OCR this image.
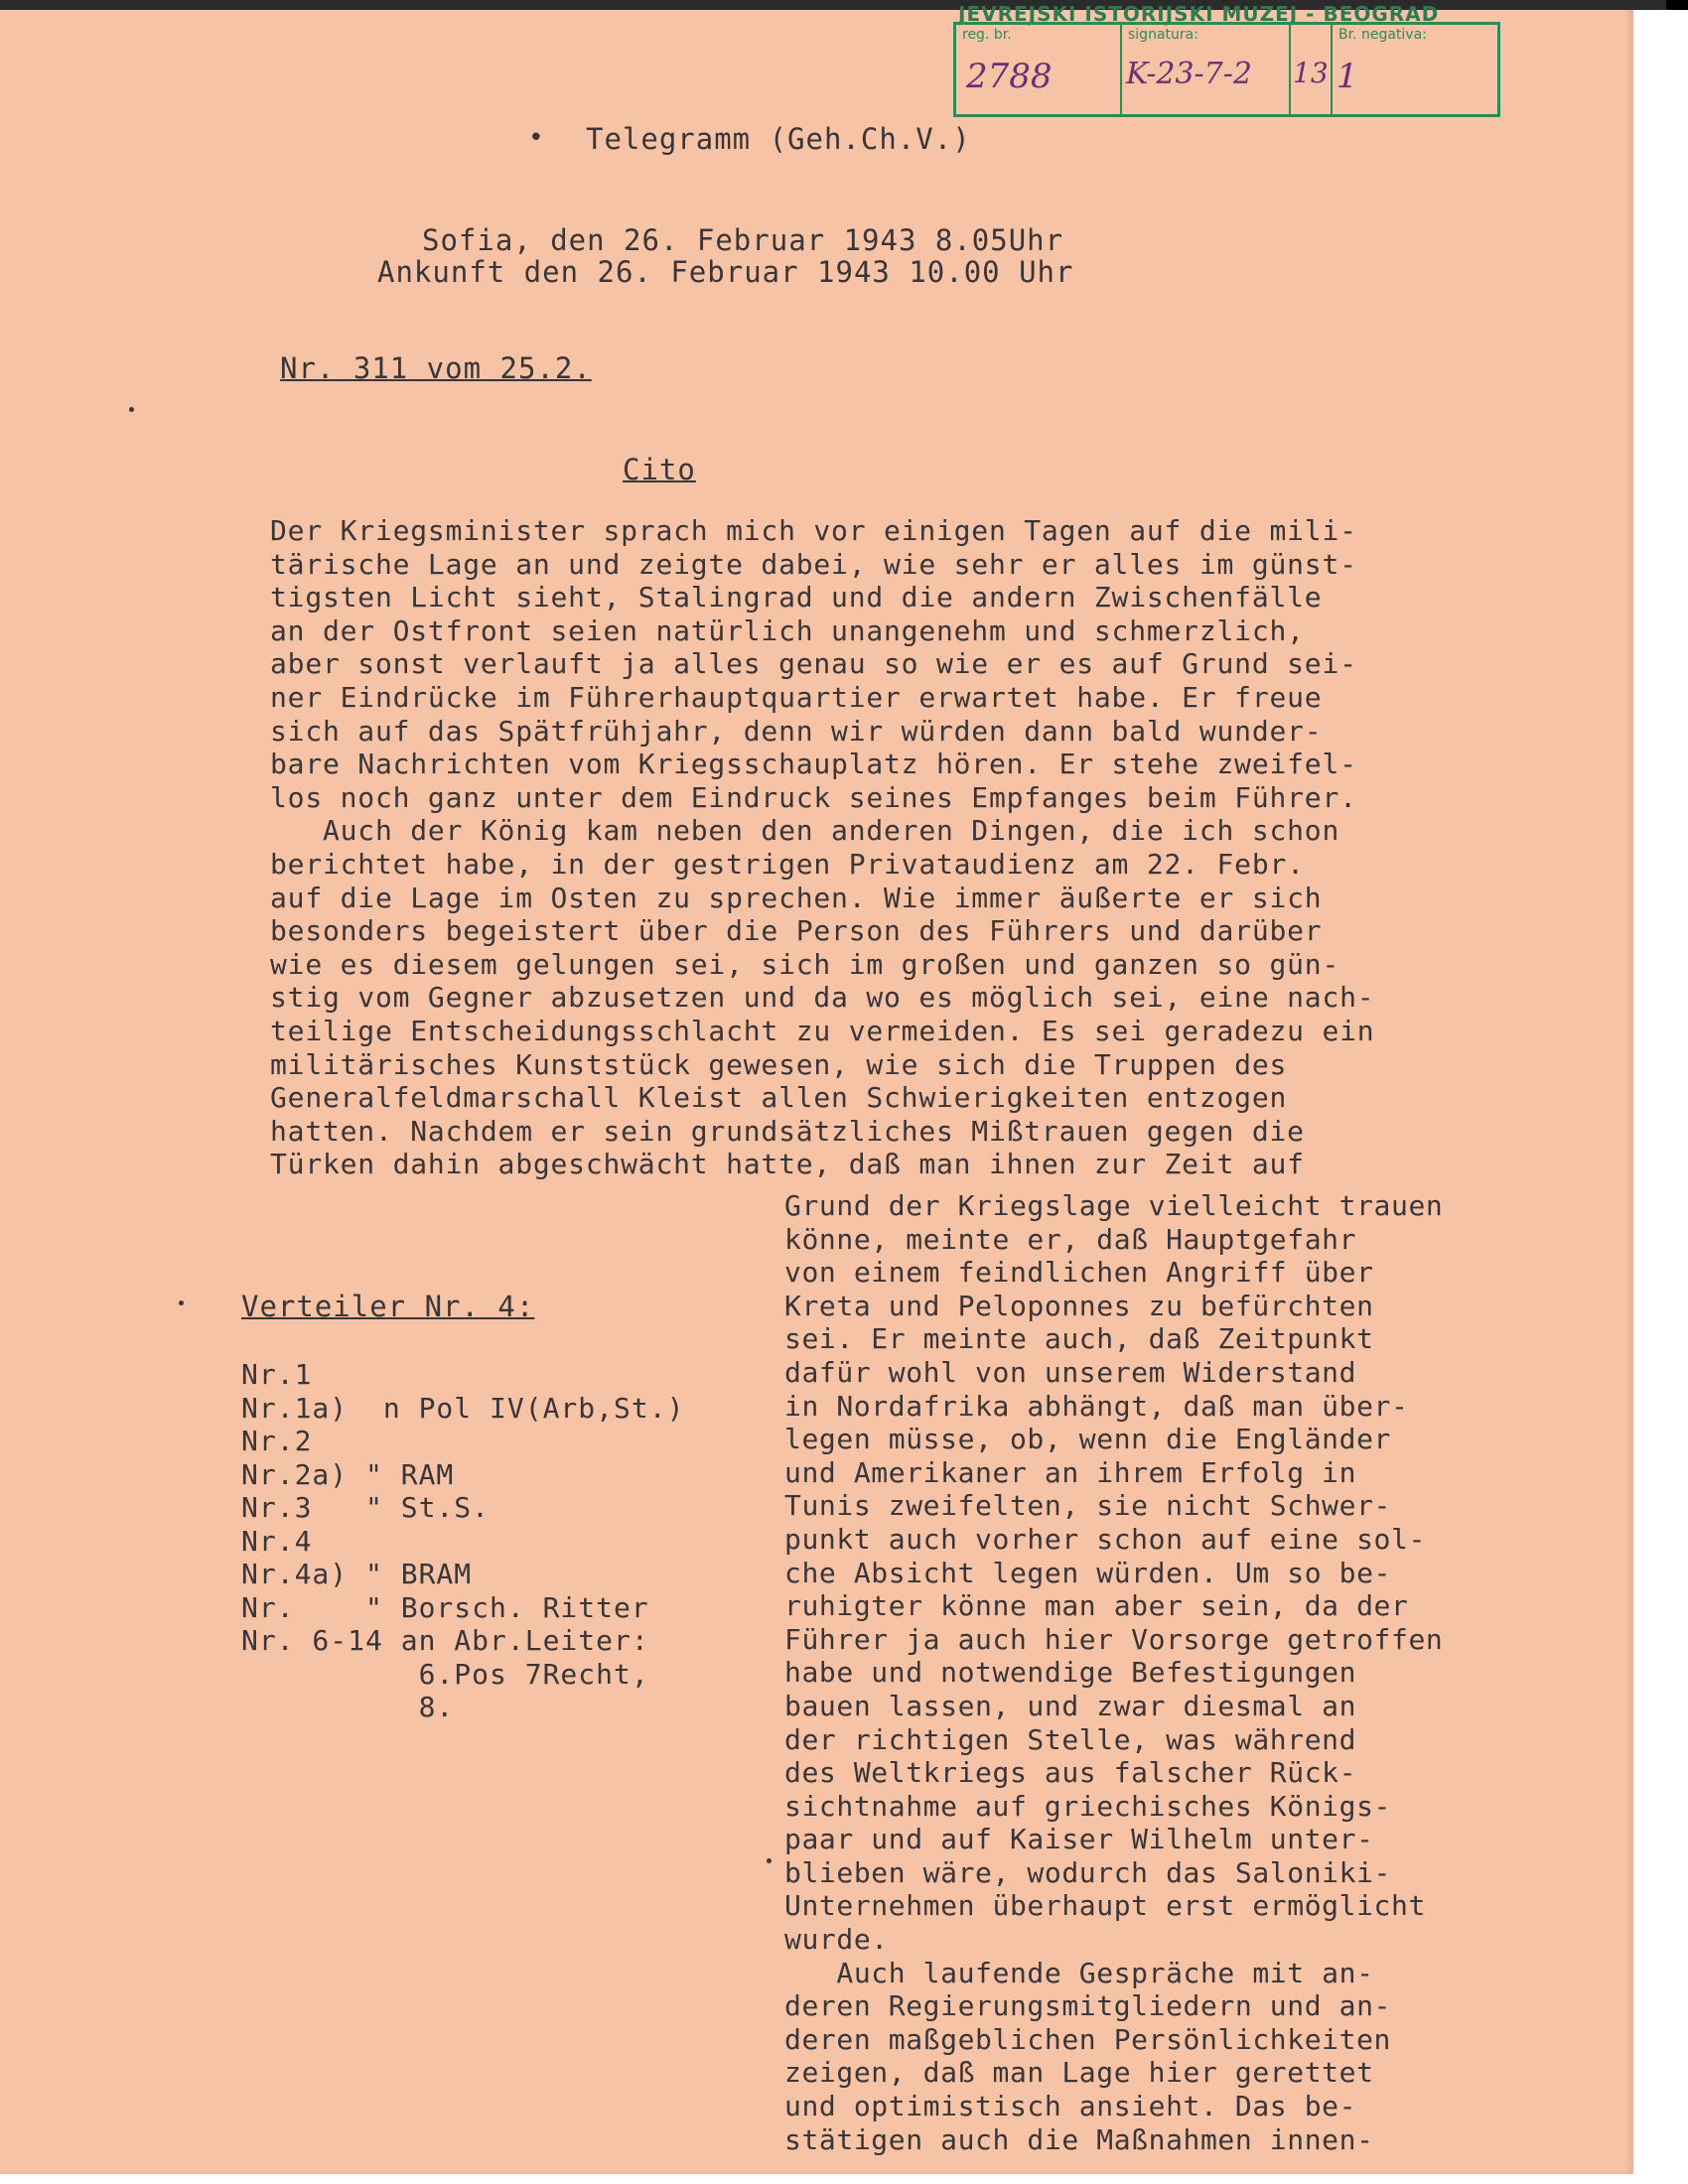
JEVREJSKI ISTORIJSKI MUZEJ - BEOGRAD
reg. br.
2788
signatura:
K-23-7-2 13
Br. negativa:
1
• Telegramm (Geh.Ch.V.)
Sofia, den 26. Februar 1943 8.05Uhr
Ankunft den 26. Februar 1943 10.00 Uhr
Nr. 311 vom 25.2.
Cito
Der Kriegsminister sprach mich vor einigen Tagen auf die mili-
tärische Lage an und zeigte dabei, wie sehr er alles im günst-
tigsten Licht sieht, Stalingrad und die andern Zwischenfälle
an der Ostfront seien natürlich unangenehm und schmerzlich,
aber sonst verlauft ja alles genau so wie er es auf Grund sei-
ner Eindrücke im Führerhauptquartier erwartet habe. Er freue
sich auf das Spätfrühjahr, denn wir würden dann bald wunder-
bare Nachrichten vom Kriegsschauplatz hören. Er stehe zweifel-
los noch ganz unter dem Eindruck seines Empfanges beim Führer.
Auch der König kam neben den anderen Dingen, die ich schon
berichtet habe, in der gestrigen Privataudienz am 22. Febr.
auf die Lage im Osten zu sprechen. Wie immer äußerte er sich
besonders begeistert über die Person des Führers und darüber
wie es diesem gelungen sei, sich im großen und ganzen so gün-
stig vom Gegner abzusetzen und da wo es möglich sei, eine nach-
teilige Entscheidungsschlacht zu vermeiden. Es sei geradezu ein
militärisches Kunststück gewesen, wie sich die Truppen des
Generalfeldmarschall Kleist allen Schwierigkeiten entzogen
hatten. Nachdem er sein grundsätzliches Mißtrauen gegen die
Türken dahin abgeschwächt hatte, daß man ihnen zur Zeit auf
Grund der Kriegslage vielleicht trauen
könne, meinte er, daß Hauptgefahr
von einem feindlichen Angriff über
Kreta und Peloponnes zu befürchten
sei. Er meinte auch, daß Zeitpunkt
dafür wohl von unserem Widerstand
in Nordafrika abhängt, daß man über-
legen müsse, ob, wenn die Engländer
und Amerikaner an ihrem Erfolg in
Tunis zweifelten, sie nicht Schwer-
punkt auch vorher schon auf eine sol-
che Absicht legen würden. Um so be-
ruhigter könne man aber sein, da der
Führer ja auch hier Vorsorge getroffen
habe und notwendige Befestigungen
bauen lassen, und zwar diesmal an
der richtigen Stelle, was während
des Weltkriegs aus falscher Rück-
sichtnahme auf griechisches Königs-
paar und auf Kaiser Wilhelm unter-
blieben wäre, wodurch das Saloniki-
Unternehmen überhaupt erst ermöglicht
wurde.
Auch laufende Gespräche mit an-
deren Regierungsmitgliedern und an-
deren maßgeblichen Persönlichkeiten
zeigen, daß man Lage hier gerettet
und optimistisch ansieht. Das be-
stätigen auch die Maßnahmen innen-
Verteiler Nr. 4:
Nr.1
Nr.1a)  n Pol IV(Arb,St.)
Nr.2
Nr.2a) " RAM
Nr.3   " St.S.
Nr.4
Nr.4a) " BRAM
Nr.    " Borsch. Ritter
Nr. 6-14 an Abr.Leiter:
6.Pos 7Recht,
8.
